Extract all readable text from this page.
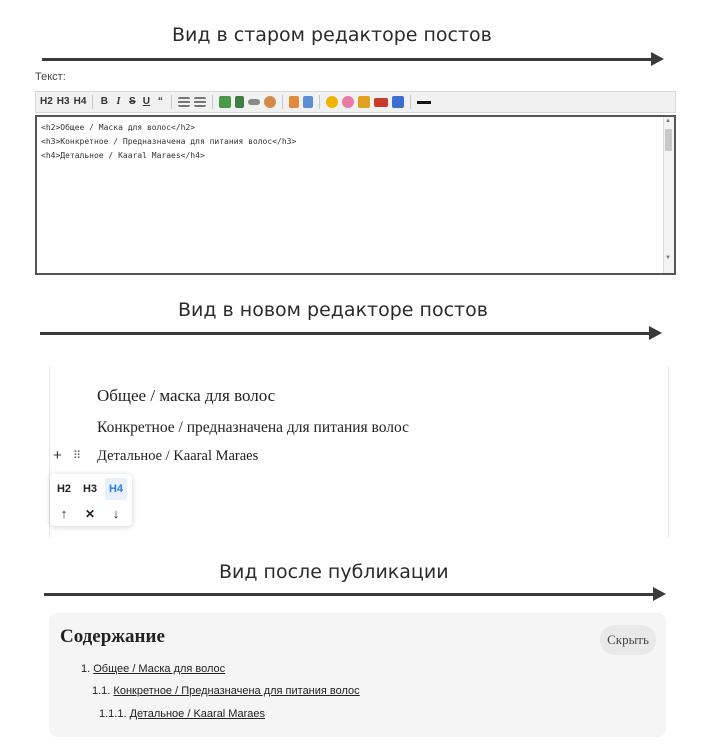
Вид в старом редакторе постов
Текст:
H2 H3 H4 B I S U “
<h2>Общее / Маска для волос</h2>
<h3>Конкретное / Предназначена для питания волос</h3>
<h4>Детальное / Kaaral Maraes</h4>
▲
▼
Вид в новом редакторе постов
Общее / маска для волос
Конкретное / предназначена для питания волос
+ ⠿ Детальное / Kaaral Maraes
H2	H3	H4
↑	✕	↓
Вид после публикации
Содержание	Скрыть
1. Общее / Маска для волос
1.1. Конкретное / Предназначена для питания волос
1.1.1. Детальное / Kaaral Maraes
